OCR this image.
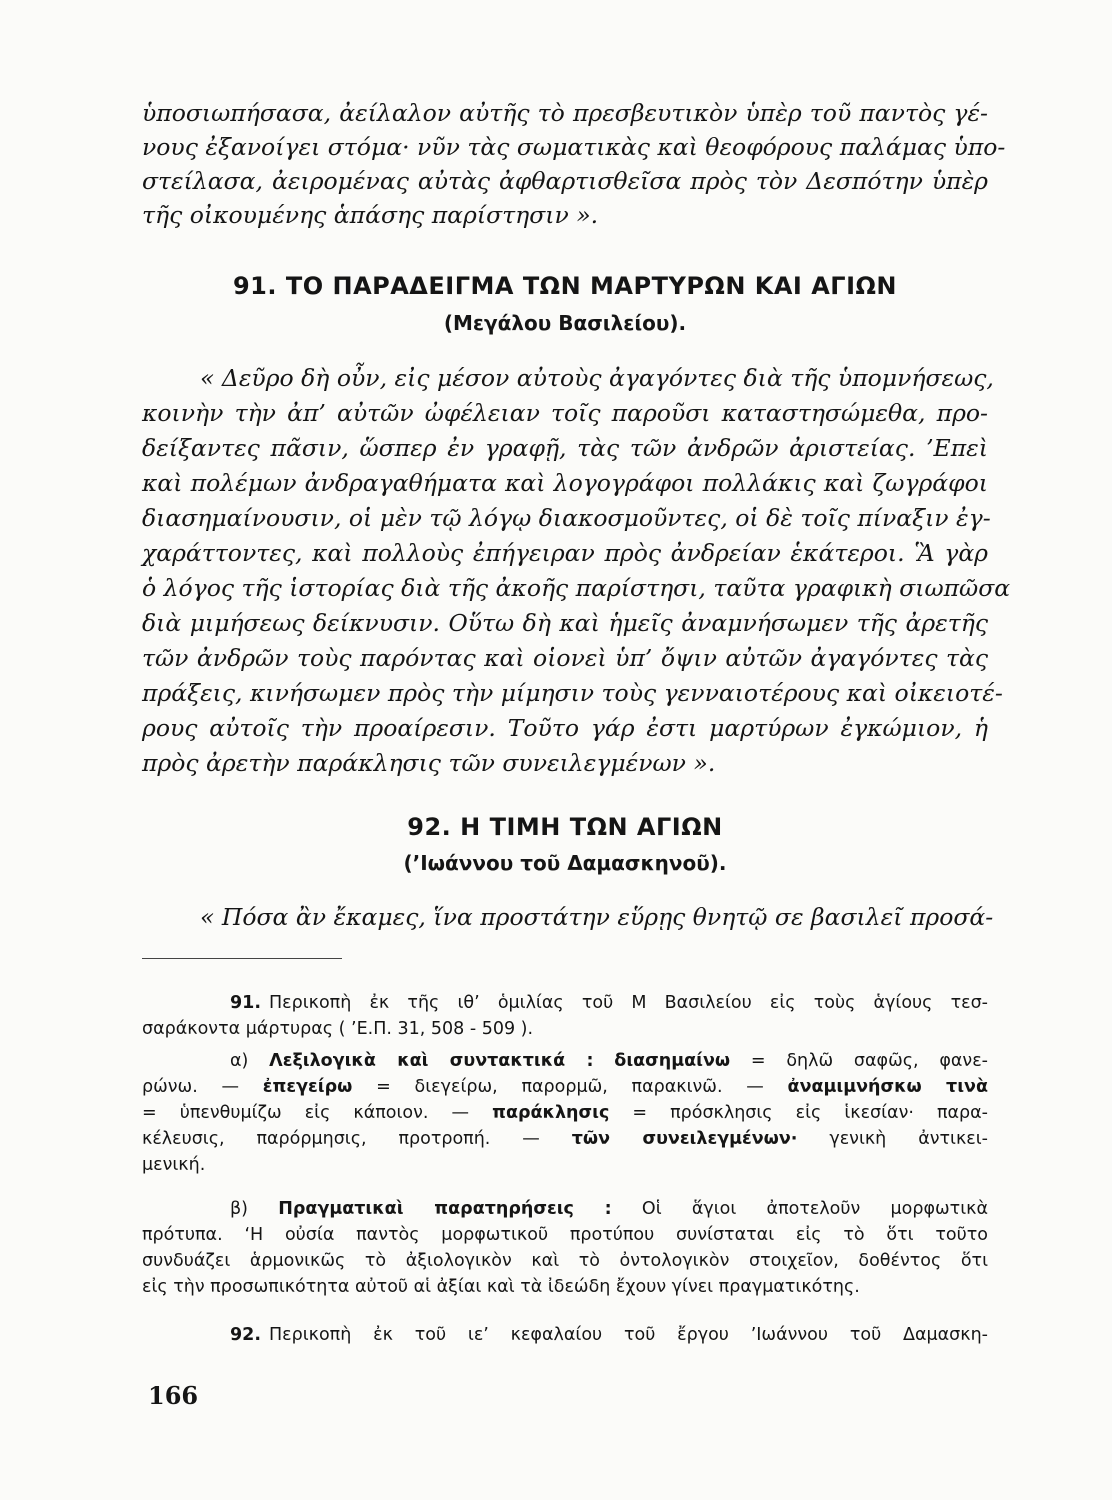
ὑποσιωπήσασα, ἀείλαλον αὐτῆς τὸ πρεσβευτικὸν ὑπὲρ τοῦ παντὸς γέ-
νους ἐξανοίγει στόμα· νῦν τὰς σωματικὰς καὶ θεοφόρους παλάμας ὑπο-
στείλασα, ἀειρομένας αὐτὰς ἀφθαρτισθεῖσα πρὸς τὸν Δεσπότην ὑπὲρ
τῆς οἰκουμένης ἁπάσης παρίστησιν ».
91. ΤΟ ΠΑΡΑΔΕΙΓΜΑ ΤΩΝ ΜΑΡΤΥΡΩΝ ΚΑΙ ΑΓΙΩΝ
(Μεγάλου Βασιλείου).
« Δεῦρο δὴ οὖν, εἰς μέσον αὐτοὺς ἀγαγόντες διὰ τῆς ὑπομνήσεως,
κοινὴν τὴν ἀπ’ αὐτῶν ὠφέλειαν τοῖς παροῦσι καταστησώμεθα, προ-
δείξαντες πᾶσιν, ὥσπερ ἐν γραφῇ, τὰς τῶν ἀνδρῶν ἀριστείας. ’Επεὶ
καὶ πολέμων ἀνδραγαθήματα καὶ λογογράφοι πολλάκις καὶ ζωγράφοι
διασημαίνουσιν, οἱ μὲν τῷ λόγῳ διακοσμοῦντες, οἱ δὲ τοῖς πίναξιν ἐγ-
χαράττοντες, καὶ πολλοὺς ἐπήγειραν πρὸς ἀνδρείαν ἑκάτεροι. Ἃ γὰρ
ὁ λόγος τῆς ἱστορίας διὰ τῆς ἀκοῆς παρίστησι, ταῦτα γραφικὴ σιωπῶσα
διὰ μιμήσεως δείκνυσιν. Οὕτω δὴ καὶ ἡμεῖς ἀναμνήσωμεν τῆς ἀρετῆς
τῶν ἀνδρῶν τοὺς παρόντας καὶ οἱονεὶ ὑπ’ ὄψιν αὐτῶν ἀγαγόντες τὰς
πράξεις, κινήσωμεν πρὸς τὴν μίμησιν τοὺς γενναιοτέρους καὶ οἰκειοτέ-
ρους αὐτοῖς τὴν προαίρεσιν. Τοῦτο γάρ ἐστι μαρτύρων ἐγκώμιον, ἡ
πρὸς ἀρετὴν παράκλησις τῶν συνειλεγμένων ».
92. Η ΤΙΜΗ ΤΩΝ ΑΓΙΩΝ
(’Ιωάννου τοῦ Δαμασκηνοῦ).
« Πόσα ἂν ἔκαμες, ἵνα προστάτην εὕρῃς θνητῷ σε βασιλεῖ προσά-
91. Περικοπὴ ἐκ τῆς ιθ’ ὁμιλίας τοῦ Μ Βασιλείου εἰς τοὺς ἁγίους τεσ-
σαράκοντα μάρτυρας ( ’Ε.Π. 31, 508 - 509 ).
α) Λεξιλογικὰ καὶ συντακτικά : διασημαίνω = δηλῶ σαφῶς, φανε-
ρώνω. — ἐπεγείρω = διεγείρω, παρορμῶ, παρακινῶ. — ἀναμιμνήσκω τινὰ
= ὑπενθυμίζω εἰς κάποιον. — παράκλησις = πρόσκλησις εἰς ἱκεσίαν· παρα-
κέλευσις, παρόρμησις, προτροπή. — τῶν συνειλεγμένων· γενικὴ ἀντικει-
μενική.
β) Πραγματικαὶ παρατηρήσεις : Οἱ ἅγιοι ἀποτελοῦν μορφωτικὰ
πρότυπα. ‘Η οὐσία παντὸς μορφωτικοῦ προτύπου συνίσταται εἰς τὸ ὅτι τοῦτο
συνδυάζει ἁρμονικῶς τὸ ἀξιολογικὸν καὶ τὸ ὀντολογικὸν στοιχεῖον, δοθέντος ὅτι
εἰς τὴν προσωπικότητα αὐτοῦ αἱ ἀξίαι καὶ τὰ ἰδεώδη ἔχουν γίνει πραγματικότης.
92. Περικοπὴ ἐκ τοῦ ιε’ κεφαλαίου τοῦ ἔργου ’Ιωάννου τοῦ Δαμασκη-
166
